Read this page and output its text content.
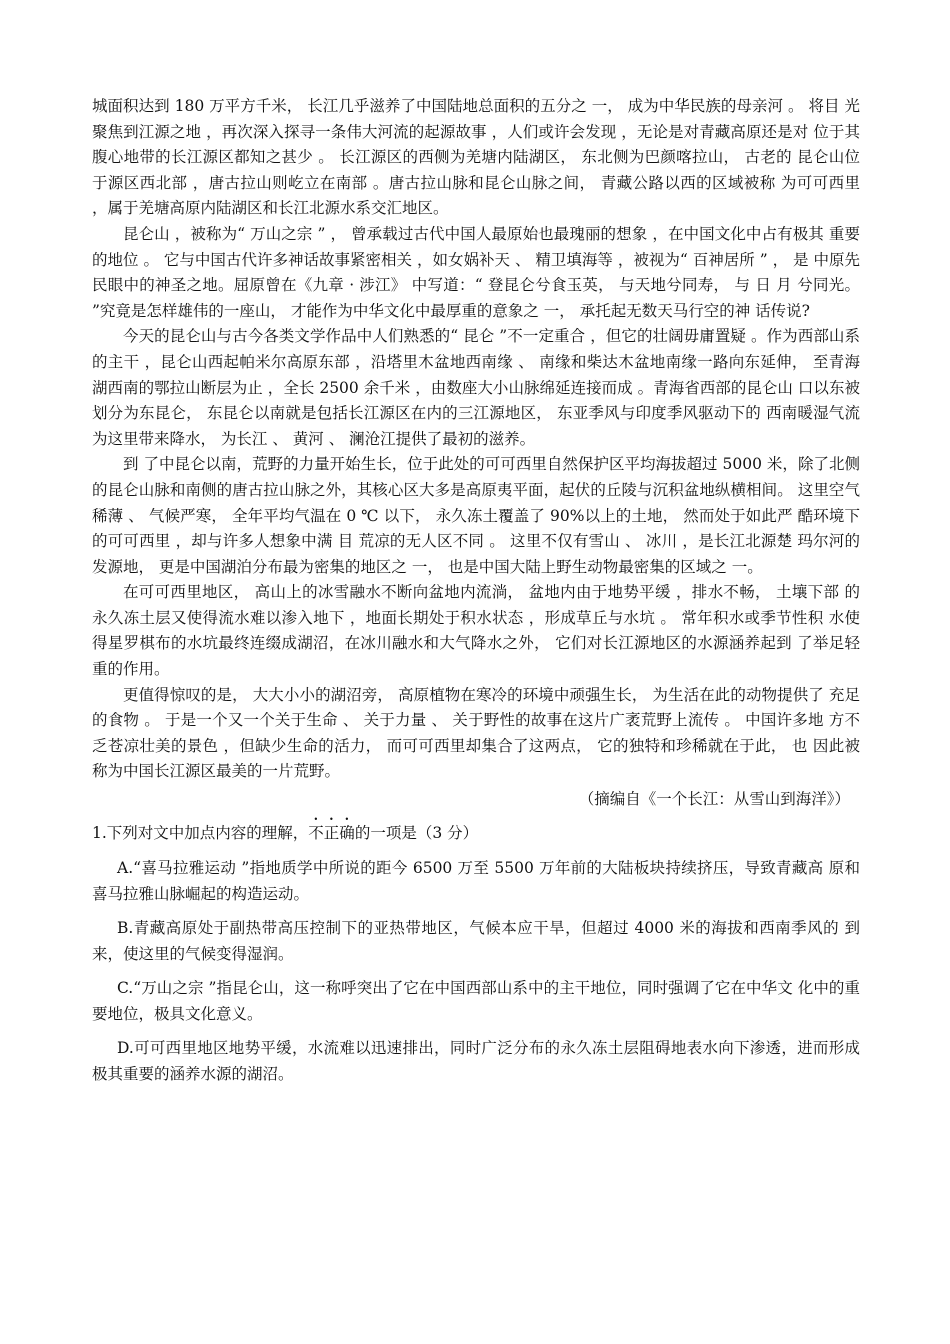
城面积达到 180 万平方千米， 长江几乎滋养了中国陆地总面积的五分之 一， 成为中华民族的母亲河 。 将目 光聚焦到江源之地 ，再次深入探寻一条伟大河流的起源故事 ，人们或许会发现 ，无论是对青藏高原还是对 位于其腹心地带的长江源区都知之甚少 。 长江源区的西侧为羌塘内陆湖区， 东北侧为巴颜喀拉山， 古老的 昆仑山位于源区西北部 ，唐古拉山则屹立在南部 。唐古拉山脉和昆仑山脉之间， 青藏公路以西的区域被称 为可可西里 ，属于羌塘高原内陆湖区和长江北源水系交汇地区。

昆仑山 ，被称为“ 万山之宗 ” ， 曾承载过古代中国人最原始也最瑰丽的想象 ，在中国文化中占有极其 重要的地位 。 它与中国古代许多神话故事紧密相关 ，如女娲补天 、 精卫填海等 ，被视为“ 百神居所 ” ， 是 中原先民眼中的神圣之地。屈原曾在《九章 · 涉江》 中写道：“ 登昆仑兮食玉英， 与天地兮同寿， 与 日 月 兮同光。 ”究竟是怎样雄伟的一座山， 才能作为中华文化中最厚重的意象之 一， 承托起无数天马行空的神 话传说?

今天的昆仑山与古今各类文学作品中人们熟悉的“ 昆仑 ”不一定重合 ，但它的壮阔毋庸置疑 。作为西部山系的主干 ，昆仑山西起帕米尔高原东部 ，沿塔里木盆地西南缘 、 南缘和柴达木盆地南缘一路向东延伸， 至青海湖西南的鄂拉山断层为止 ，全长 2500 余千米 ，由数座大小山脉绵延连接而成 。青海省西部的昆仑山 口以东被划分为东昆仑， 东昆仑以南就是包括长江源区在内的三江源地区， 东亚季风与印度季风驱动下的 西南暖湿气流为这里带来降水， 为长江 、 黄河 、 澜沧江提供了最初的滋养。

到 了中昆仑以南，荒野的力量开始生长，位于此处的可可西里自然保护区平均海拔超过 5000 米，除了北侧的昆仑山脉和南侧的唐古拉山脉之外，其核心区大多是高原夷平面，起伏的丘陵与沉积盆地纵横相间。 这里空气稀薄 、 气候严寒， 全年平均气温在 0 ℃ 以下， 永久冻土覆盖了 90%以上的土地， 然而处于如此严 酷环境下的可可西里 ，却与许多人想象中满 目 荒凉的无人区不同 。 这里不仅有雪山 、 冰川 ，是长江北源楚 玛尔河的发源地， 更是中国湖泊分布最为密集的地区之 一， 也是中国大陆上野生动物最密集的区域之 一。

在可可西里地区， 高山上的冰雪融水不断向盆地内流淌， 盆地内由于地势平缓 ，排水不畅， 土壤下部 的永久冻土层又使得流水难以渗入地下 ，地面长期处于积水状态 ，形成草丘与水坑 。 常年积水或季节性积 水使得星罗棋布的水坑最终连缀成湖沼，在冰川融水和大气降水之外， 它们对长江源地区的水源涵养起到 了举足轻重的作用。

更值得惊叹的是， 大大小小的湖沼旁， 高原植物在寒冷的环境中顽强生长， 为生活在此的动物提供了 充足的食物 。 于是一个又一个关于生命 、 关于力量 、 关于野性的故事在这片广袤荒野上流传 。 中国许多地 方不乏苍凉壮美的景色 ，但缺少生命的活力， 而可可西里却集合了这两点， 它的独特和珍稀就在于此， 也 因此被称为中国长江源区最美的一片荒野。

（摘编自《一个长江：从雪山到海洋》）

1.下列对文中加点内容的理解，不正确的一项是（3 分）

A.“喜马拉雅运动 ”指地质学中所说的距今 6500 万至 5500 万年前的大陆板块持续挤压，导致青藏高 原和喜马拉雅山脉崛起的构造运动。

B.青藏高原处于副热带高压控制下的亚热带地区，气候本应干旱，但超过 4000 米的海拔和西南季风的 到来，使这里的气候变得湿润。

C.“万山之宗 ”指昆仑山，这一称呼突出了它在中国西部山系中的主干地位，同时强调了它在中华文 化中的重要地位，极具文化意义。

D.可可西里地区地势平缓，水流难以迅速排出，同时广泛分布的永久冻土层阻碍地表水向下渗透，进而形成极其重要的涵养水源的湖沼。
